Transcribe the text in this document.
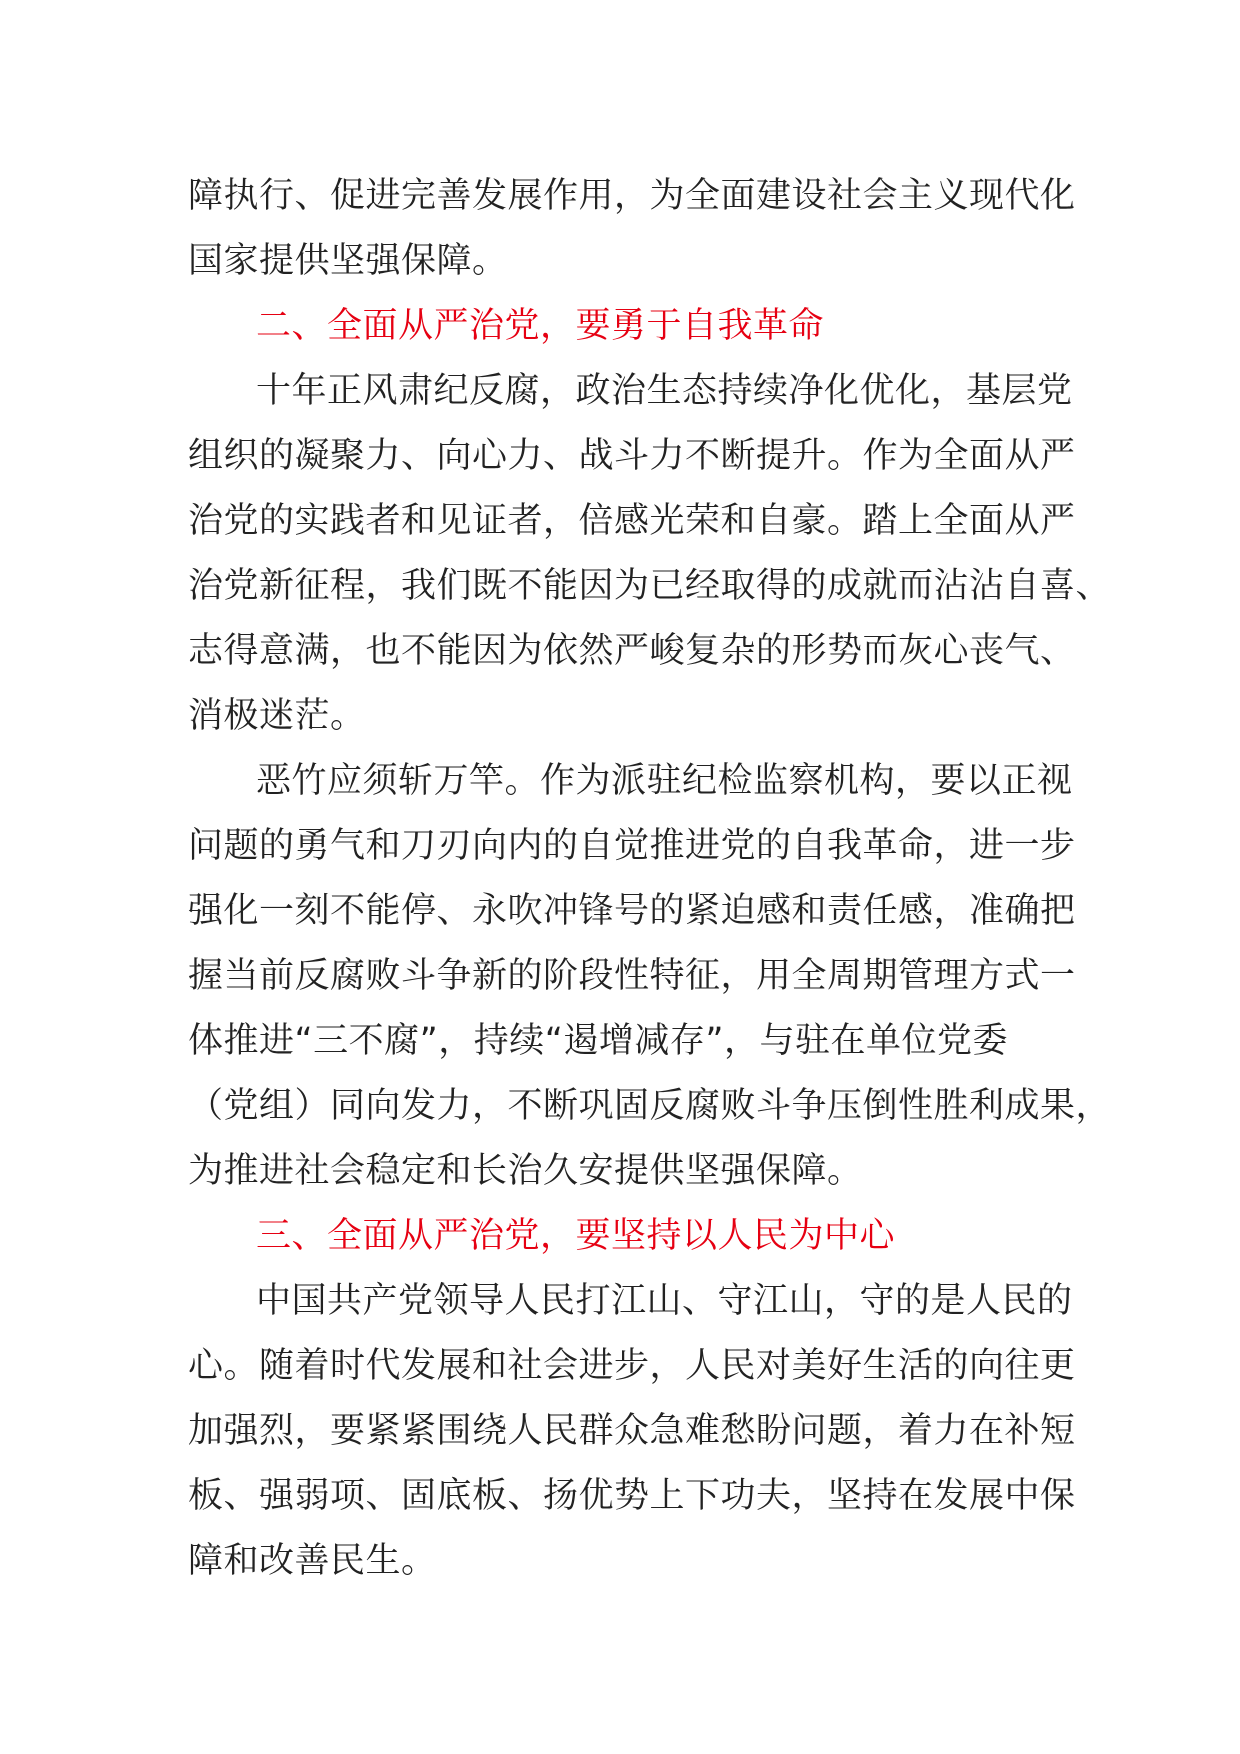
障执行、促进完善发展作用，为全面建设社会主义现代化
国家提供坚强保障。
二、全面从严治党，要勇于自我革命
十年正风肃纪反腐，政治生态持续净化优化，基层党
组织的凝聚力、向心力、战斗力不断提升。作为全面从严
治党的实践者和见证者，倍感光荣和自豪。踏上全面从严
治党新征程，我们既不能因为已经取得的成就而沾沾自喜、
志得意满，也不能因为依然严峻复杂的形势而灰心丧气、
消极迷茫。
恶竹应须斩万竿。作为派驻纪检监察机构，要以正视
问题的勇气和刀刃向内的自觉推进党的自我革命，进一步
强化一刻不能停、永吹冲锋号的紧迫感和责任感，准确把
握当前反腐败斗争新的阶段性特征，用全周期管理方式一
体推进“三不腐”，持续“遏增减存”，与驻在单位党委
（党组）同向发力，不断巩固反腐败斗争压倒性胜利成果，
为推进社会稳定和长治久安提供坚强保障。
三、全面从严治党，要坚持以人民为中心
中国共产党领导人民打江山、守江山，守的是人民的
心。随着时代发展和社会进步，人民对美好生活的向往更
加强烈，要紧紧围绕人民群众急难愁盼问题，着力在补短
板、强弱项、固底板、扬优势上下功夫，坚持在发展中保
障和改善民生。
